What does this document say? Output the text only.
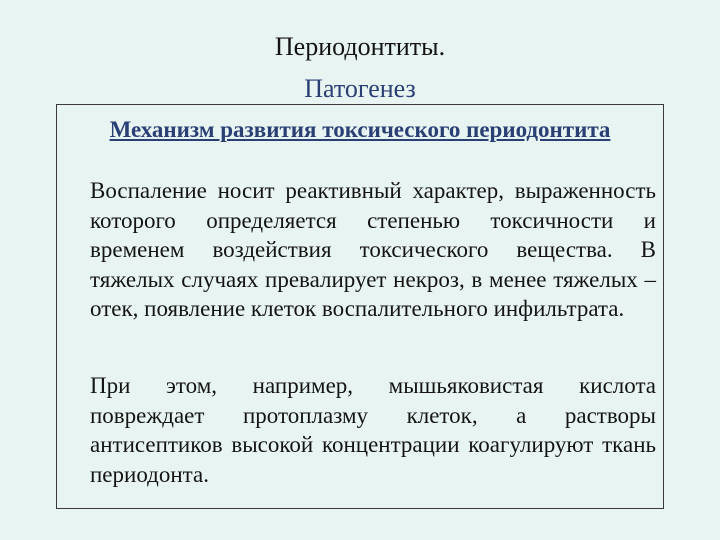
Периодонтиты.
Патогенез

Механизм развития токсического периодонтита

Воспаление носит реактивный характер, выраженность которого определяется степенью токсичности и временем воздействия токсического вещества. В тяжелых случаях превалирует некроз, в менее тяжелых – отек, появление клеток воспалительного инфильтрата.

При этом, например, мышьяковистая кислота повреждает протоплазму клеток, а растворы антисептиков высокой концентрации коагулируют ткань периодонта.
